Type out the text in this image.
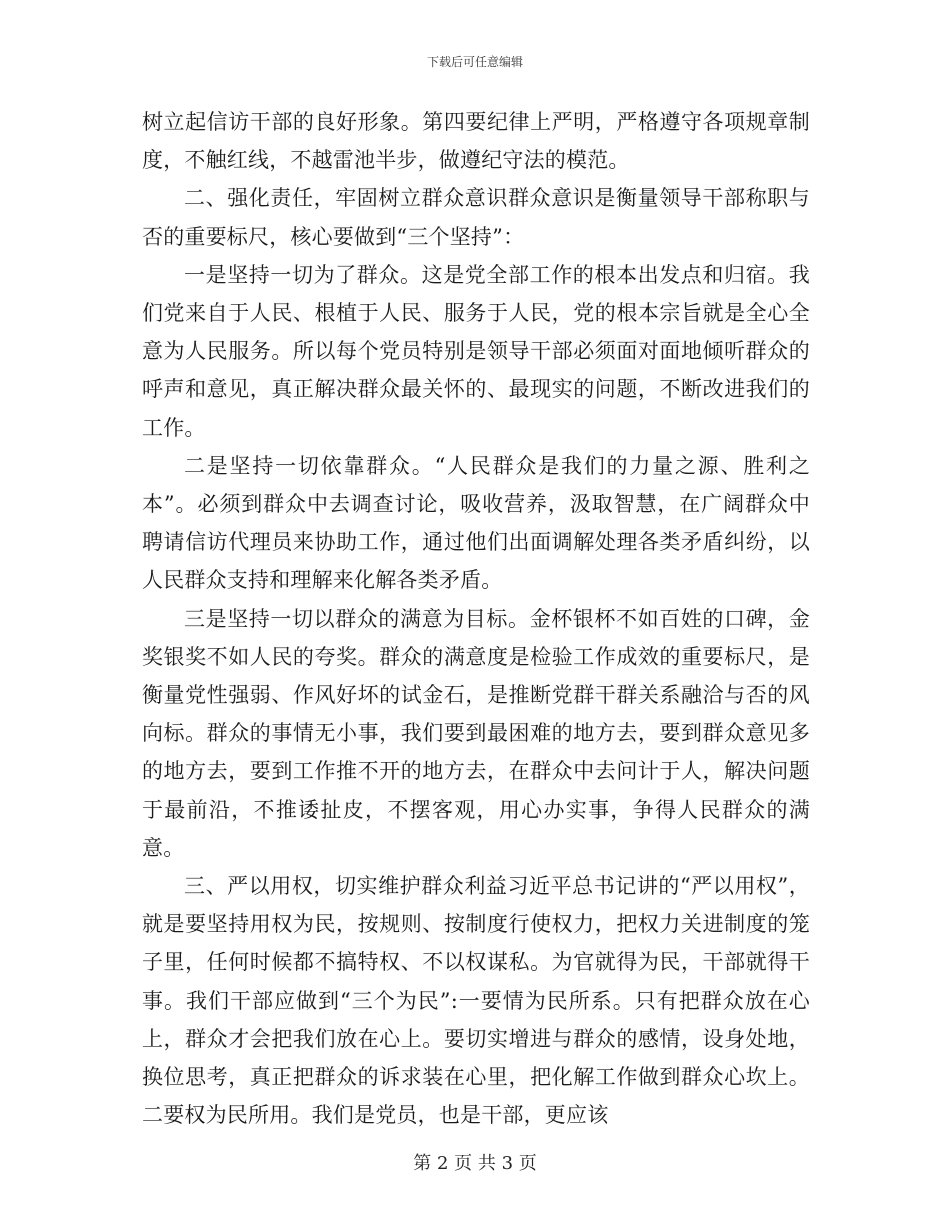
下载后可任意编辑

树立起信访干部的良好形象。第四要纪律上严明，严格遵守各项规章制度，不触红线，不越雷池半步，做遵纪守法的模范。

二、强化责任，牢固树立群众意识群众意识是衡量领导干部称职与否的重要标尺，核心要做到“三个坚持”：

一是坚持一切为了群众。这是党全部工作的根本出发点和归宿。我们党来自于人民、根植于人民、服务于人民，党的根本宗旨就是全心全意为人民服务。所以每个党员特别是领导干部必须面对面地倾听群众的呼声和意见，真正解决群众最关怀的、最现实的问题，不断改进我们的工作。

二是坚持一切依靠群众。“人民群众是我们的力量之源、胜利之本”。必须到群众中去调查讨论，吸收营养，汲取智慧，在广阔群众中聘请信访代理员来协助工作，通过他们出面调解处理各类矛盾纠纷，以人民群众支持和理解来化解各类矛盾。

三是坚持一切以群众的满意为目标。金杯银杯不如百姓的口碑，金奖银奖不如人民的夸奖。群众的满意度是检验工作成效的重要标尺，是衡量党性强弱、作风好坏的试金石，是推断党群干群关系融洽与否的风向标。群众的事情无小事，我们要到最困难的地方去，要到群众意见多的地方去，要到工作推不开的地方去，在群众中去问计于人，解决问题于最前沿，不推诿扯皮，不摆客观，用心办实事，争得人民群众的满意。

三、严以用权，切实维护群众利益习近平总书记讲的“严以用权”，就是要坚持用权为民，按规则、按制度行使权力，把权力关进制度的笼子里，任何时候都不搞特权、不以权谋私。为官就得为民，干部就得干事。我们干部应做到“三个为民”:一要情为民所系。只有把群众放在心上，群众才会把我们放在心上。要切实增进与群众的感情，设身处地，换位思考，真正把群众的诉求装在心里，把化解工作做到群众心坎上。二要权为民所用。我们是党员，也是干部，更应该

第 2 页 共 3 页
